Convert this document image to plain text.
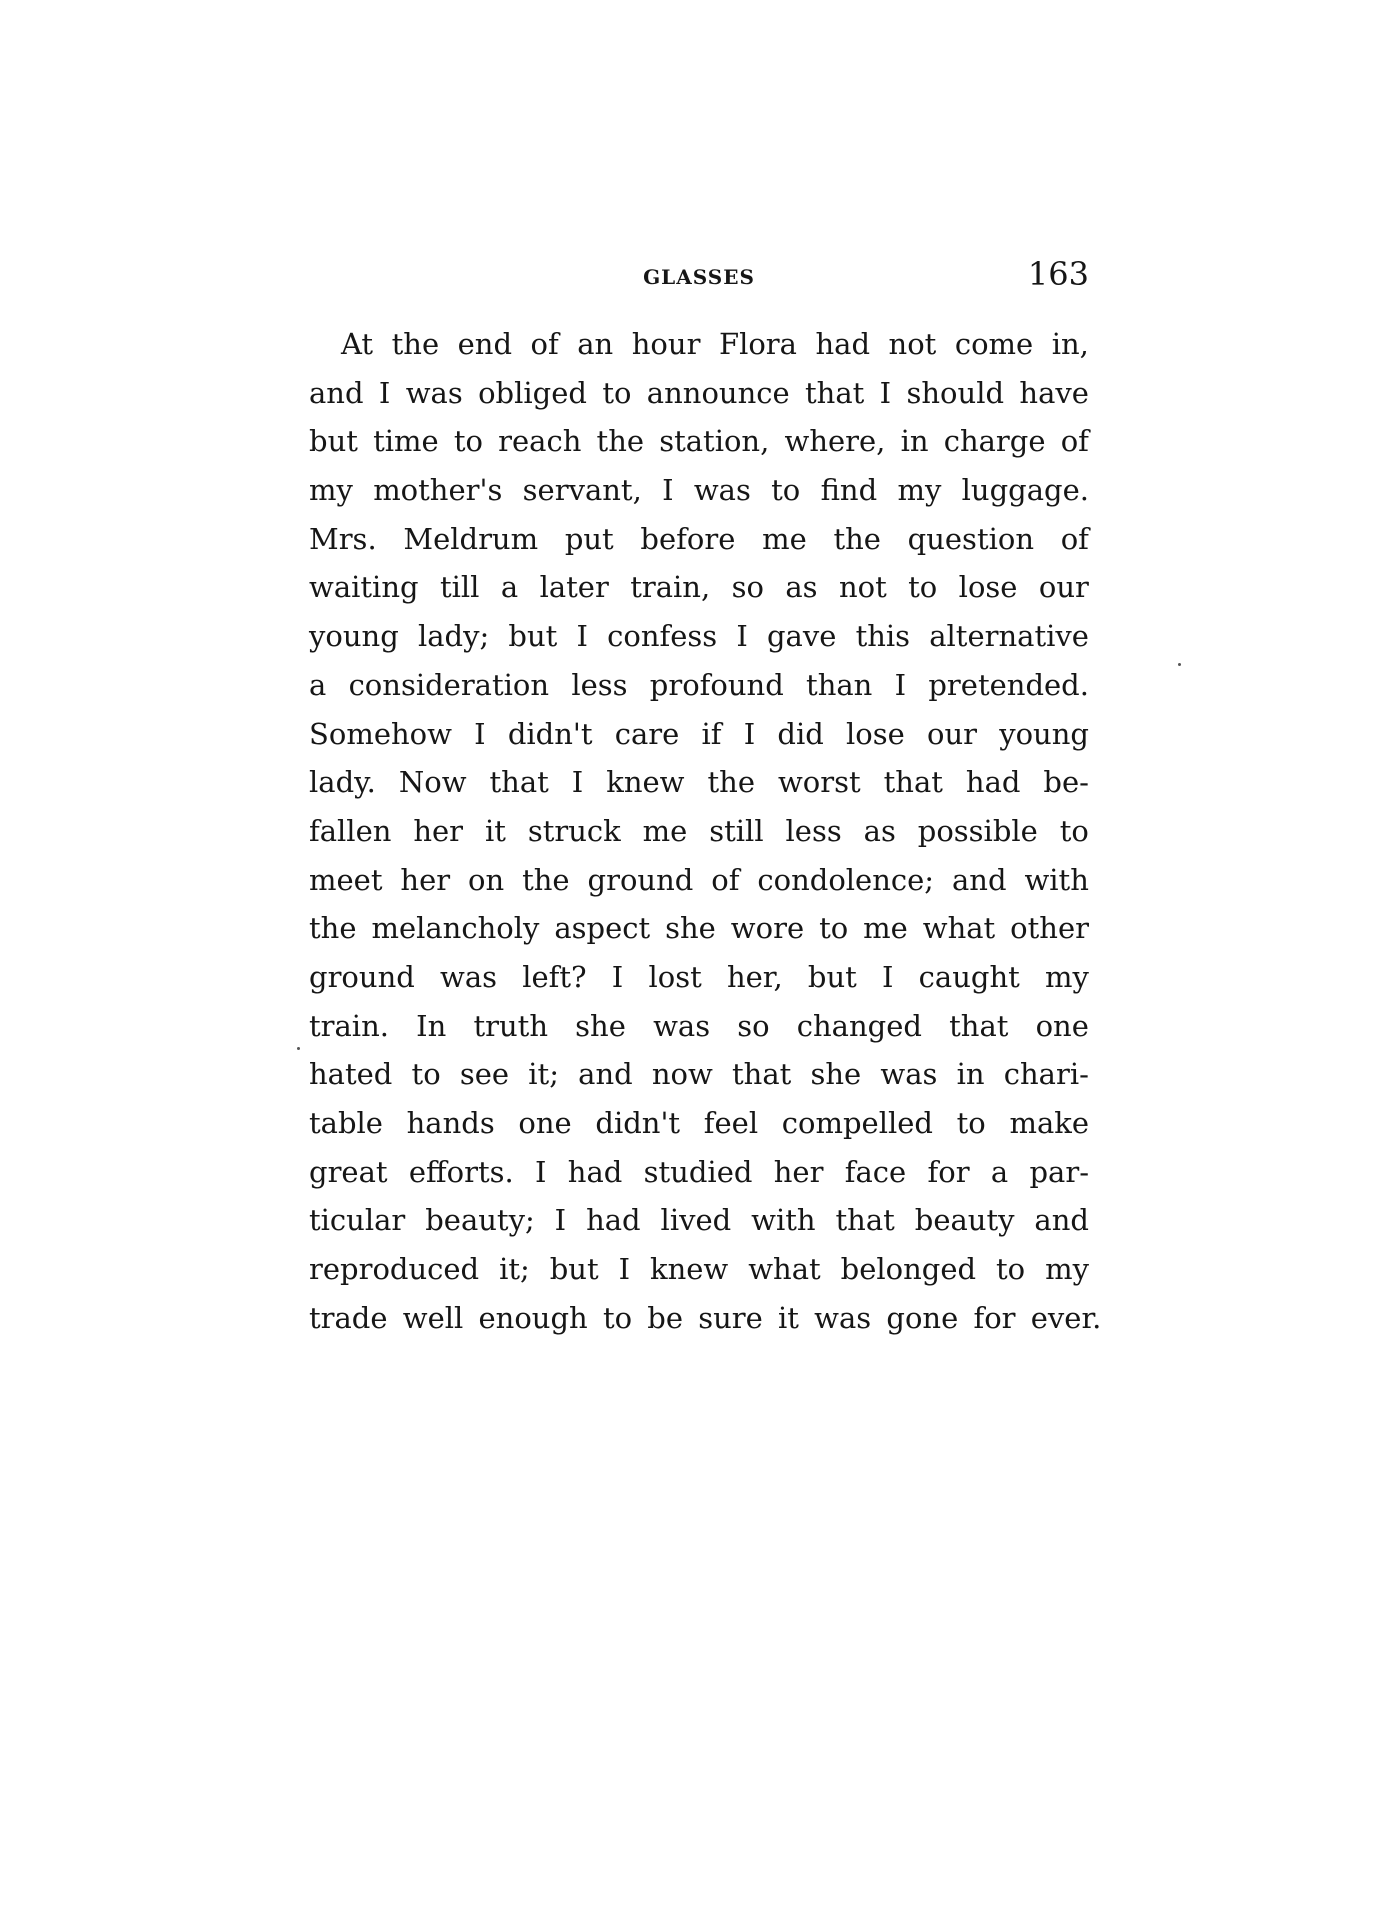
GLASSES	163
At the end of an hour Flora had not come in,
and I was obliged to announce that I should have
but time to reach the station, where, in charge of
my mother's servant, I was to find my luggage.
Mrs. Meldrum put before me the question of
waiting till a later train, so as not to lose our
young lady; but I confess I gave this alternative
a consideration less profound than I pretended.
Somehow I didn't care if I did lose our young
lady. Now that I knew the worst that had be-
fallen her it struck me still less as possible to
meet her on the ground of condolence; and with
the melancholy aspect she wore to me what other
ground was left? I lost her, but I caught my
train. In truth she was so changed that one
hated to see it; and now that she was in chari-
table hands one didn't feel compelled to make
great efforts. I had studied her face for a par-
ticular beauty; I had lived with that beauty and
reproduced it; but I knew what belonged to my
trade well enough to be sure it was gone for ever.
